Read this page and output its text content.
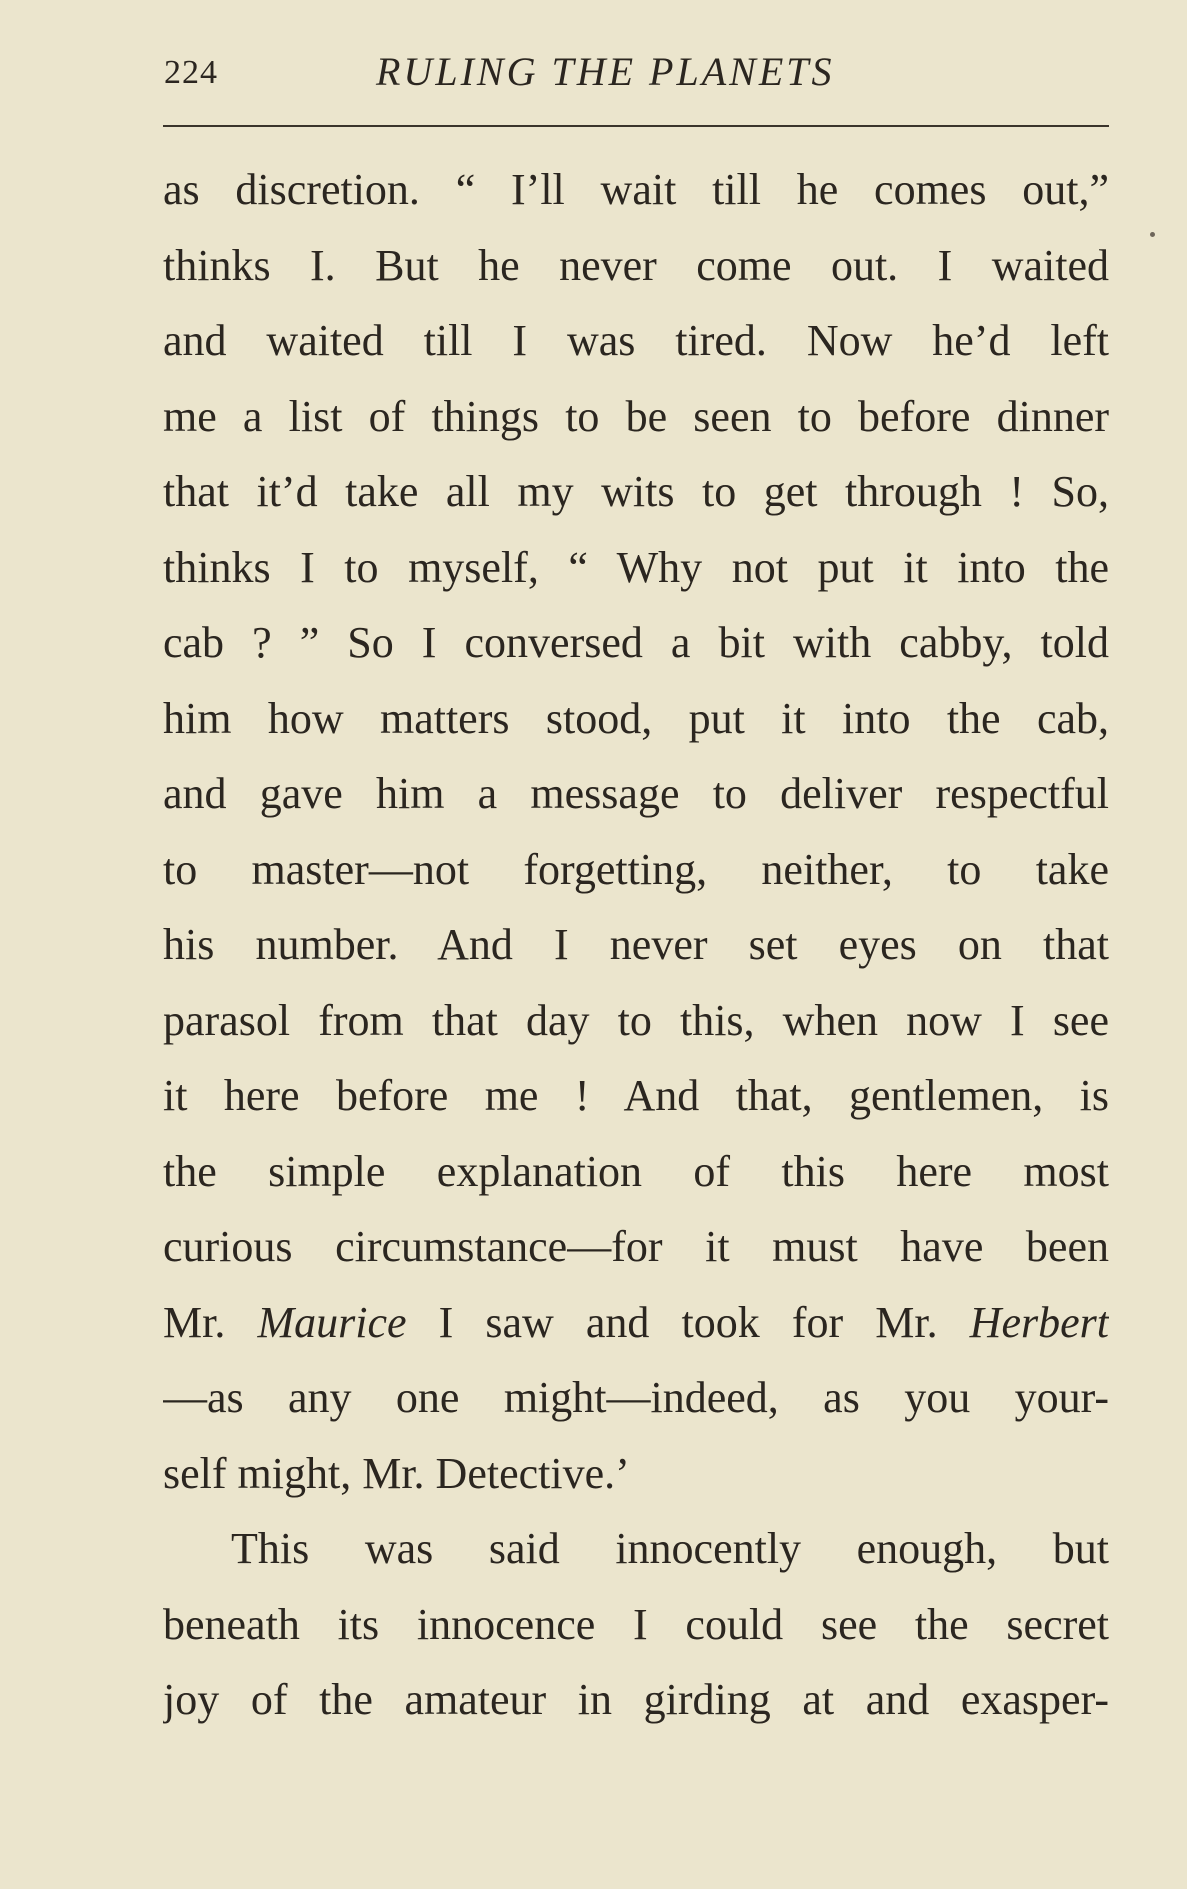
224	RULING THE PLANETS
as discretion. “ I’ll wait till he comes out,”
thinks I. But he never come out. I waited
and waited till I was tired. Now he’d left
me a list of things to be seen to before dinner
that it’d take all my wits to get through ! So,
thinks I to myself, “ Why not put it into the
cab ? ” So I conversed a bit with cabby, told
him how matters stood, put it into the cab,
and gave him a message to deliver respectful
to master—not forgetting, neither, to take
his number. And I never set eyes on that
parasol from that day to this, when now I see
it here before me ! And that, gentlemen, is
the simple explanation of this here most
curious circumstance—for it must have been
Mr. Maurice I saw and took for Mr. Herbert
—as any one might—indeed, as you your-
self might, Mr. Detective.’
This was said innocently enough, but
beneath its innocence I could see the secret
joy of the amateur in girding at and exasper-
